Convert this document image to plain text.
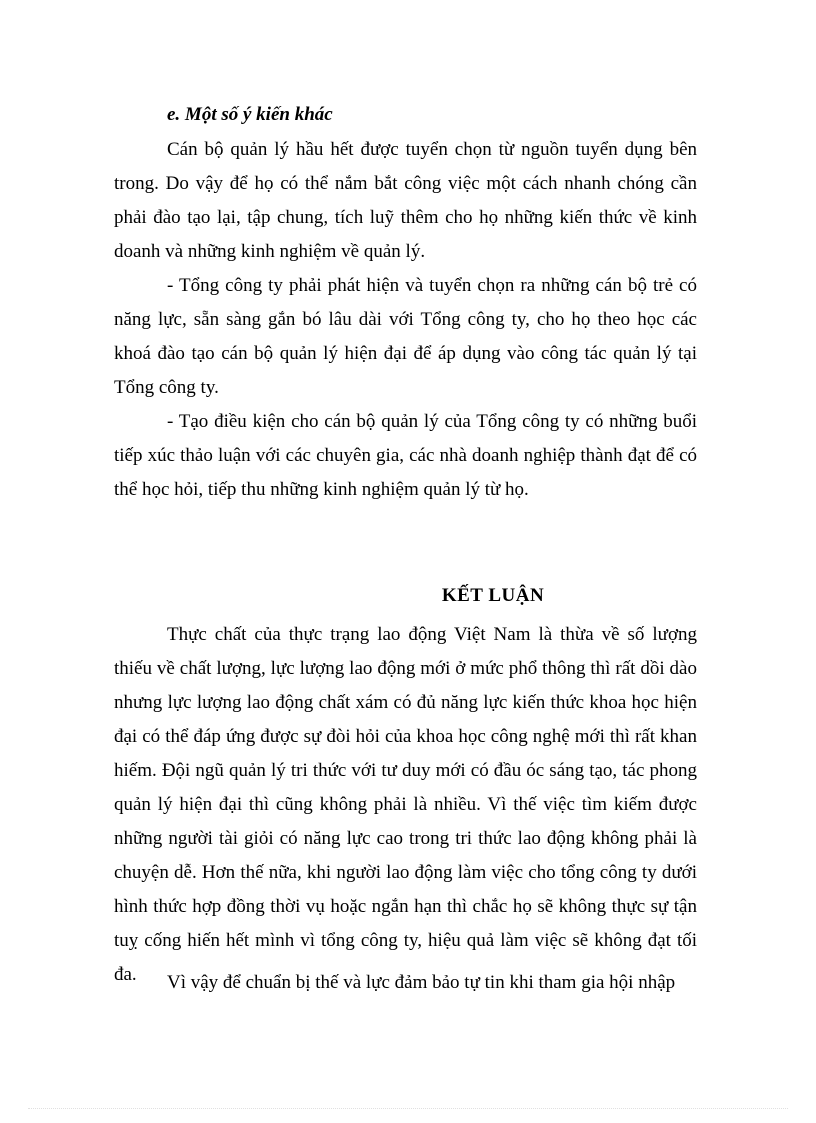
e. Một số ý kiến khác

Cán bộ quản lý hầu hết được tuyển chọn từ nguồn tuyển dụng bên trong. Do vậy để họ có thể nắm bắt công việc một cách nhanh chóng cần phải đào tạo lại, tập chung, tích luỹ thêm cho họ những kiến thức về kinh doanh và những kinh nghiệm về quản lý.

- Tổng công ty phải phát hiện và tuyển chọn ra những cán bộ trẻ có năng lực, sẵn sàng gắn bó lâu dài với Tổng công ty, cho họ theo học các khoá đào tạo cán bộ quản lý hiện đại để áp dụng vào công tác quản lý tại Tổng công ty.

- Tạo điều kiện cho cán bộ quản lý của Tổng công ty có những buổi tiếp xúc thảo luận với các chuyên gia, các nhà doanh nghiệp thành đạt để có thể học hỏi, tiếp thu những kinh nghiệm quản lý từ họ.

KẾT LUẬN

Thực chất của thực trạng lao động Việt Nam là thừa về số lượng thiếu về chất lượng, lực lượng lao động mới ở mức phổ thông thì rất dồi dào nhưng lực lượng lao động chất xám có đủ năng lực kiến thức khoa học hiện đại có thể đáp ứng được sự đòi hỏi của khoa học công nghệ mới thì rất khan hiếm. Đội ngũ quản lý tri thức với tư duy mới có đầu óc sáng tạo, tác phong quản lý hiện đại thì cũng không phải là nhiều. Vì thế việc tìm kiếm được những người tài giỏi có năng lực cao trong tri thức lao động không phải là chuyện dễ. Hơn thế nữa, khi người lao động làm việc cho tổng công ty dưới hình thức hợp đồng thời vụ hoặc ngắn hạn thì chắc họ sẽ không thực sự tận tuỵ cống hiến hết mình vì tổng công ty, hiệu quả làm việc sẽ không đạt tối đa.	Vì vậy để chuẩn bị thế và lực đảm bảo tự tin khi tham gia hội nhập
